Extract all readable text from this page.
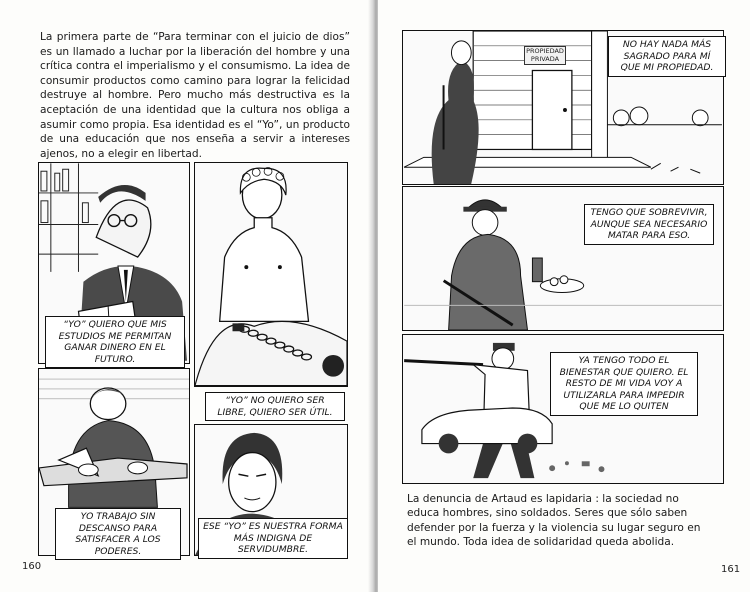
La primera parte de “Para terminar con el juicio de dios” es un llamado a luchar por la liberación del hombre y una crítica contra el imperialismo y el consumismo. La idea de consumir productos como camino para lograr la felicidad destruye al hombre. Pero mucho más destructiva es la aceptación de una identidad que la cultura nos obliga a asumir como propia. Esa identidad es el “Yo”, un producto de una educación que nos enseña a servir a intereses ajenos, no a elegir en libertad.

“YO” QUIERO QUE MIS ESTUDIOS ME PERMITAN GANAR DINERO EN EL FUTURO.
“YO” NO QUIERO SER LIBRE, QUIERO SER ÚTIL.
YO TRABAJO SIN DESCANSO PARA SATISFACER A LOS PODERES.
ESE “YO” ES NUESTRA FORMA MÁS INDIGNA DE SERVIDUMBRE.
160
PROPIEDAD PRIVADA
NO HAY NADA MÁS SAGRADO PARA MÍ QUE MI PROPIEDAD.
TENGO QUE SOBREVIVIR, AUNQUE SEA NECESARIO MATAR PARA ESO.
YA TENGO TODO EL BIENESTAR QUE QUIERO. EL RESTO DE MI VIDA VOY A UTILIZARLA PARA IMPEDIR QUE ME LO QUITEN
161

La denuncia de Artaud es lapidaria : la sociedad no educa hombres, sino soldados. Seres que sólo saben defender por la fuerza y la violencia su lugar seguro en el mundo. Toda idea de solidaridad queda abolida.
